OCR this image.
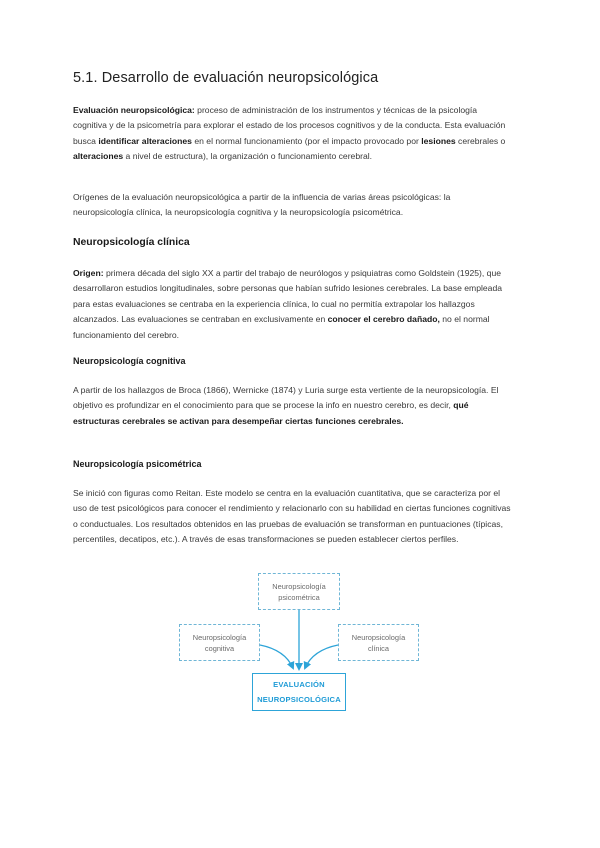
5.1. Desarrollo de evaluación neuropsicológica
Evaluación neuropsicológica: proceso de administración de los instrumentos y técnicas de la psicología cognitiva y de la psicometría para explorar el estado de los procesos cognitivos y de la conducta. Esta evaluación busca identificar alteraciones en el normal funcionamiento (por el impacto provocado por lesiones cerebrales o alteraciones a nivel de estructura), la organización o funcionamiento cerebral.
Orígenes de la evaluación neuropsicológica a partir de la influencia de varias áreas psicológicas: la neuropsicología clínica, la neuropsicología cognitiva y la neuropsicología psicométrica.
Neuropsicología clínica
Origen: primera década del siglo XX a partir del trabajo de neurólogos y psiquiatras como Goldstein (1925), que desarrollaron estudios longitudinales, sobre personas que habían sufrido lesiones cerebrales. La base empleada para estas evaluaciones se centraba en la experiencia clínica, lo cual no permitía extrapolar los hallazgos alcanzados. Las evaluaciones se centraban en exclusivamente en conocer el cerebro dañado, no el normal funcionamiento del cerebro.
Neuropsicología cognitiva
A partir de los hallazgos de Broca (1866), Wernicke (1874) y Luria surge esta vertiente de la neuropsicología. El objetivo es profundizar en el conocimiento para que se procese la info en nuestro cerebro, es decir, qué estructuras cerebrales se activan para desempeñar ciertas funciones cerebrales.
Neuropsicología psicométrica
Se inició con figuras como Reitan. Este modelo se centra en la evaluación cuantitativa, que se caracteriza por el uso de test psicológicos para conocer el rendimiento y relacionarlo con su habilidad en ciertas funciones cognitivas o conductuales. Los resultados obtenidos en las pruebas de evaluación se transforman en puntuaciones (típicas, percentiles, decatipos, etc.). A través de esas transformaciones se pueden establecer ciertos perfiles.
Neuropsicología
psicométrica
Neuropsicología
cognitiva
Neuropsicología
clínica
EVALUACIÓN
NEUROPSICOLÓGICA
